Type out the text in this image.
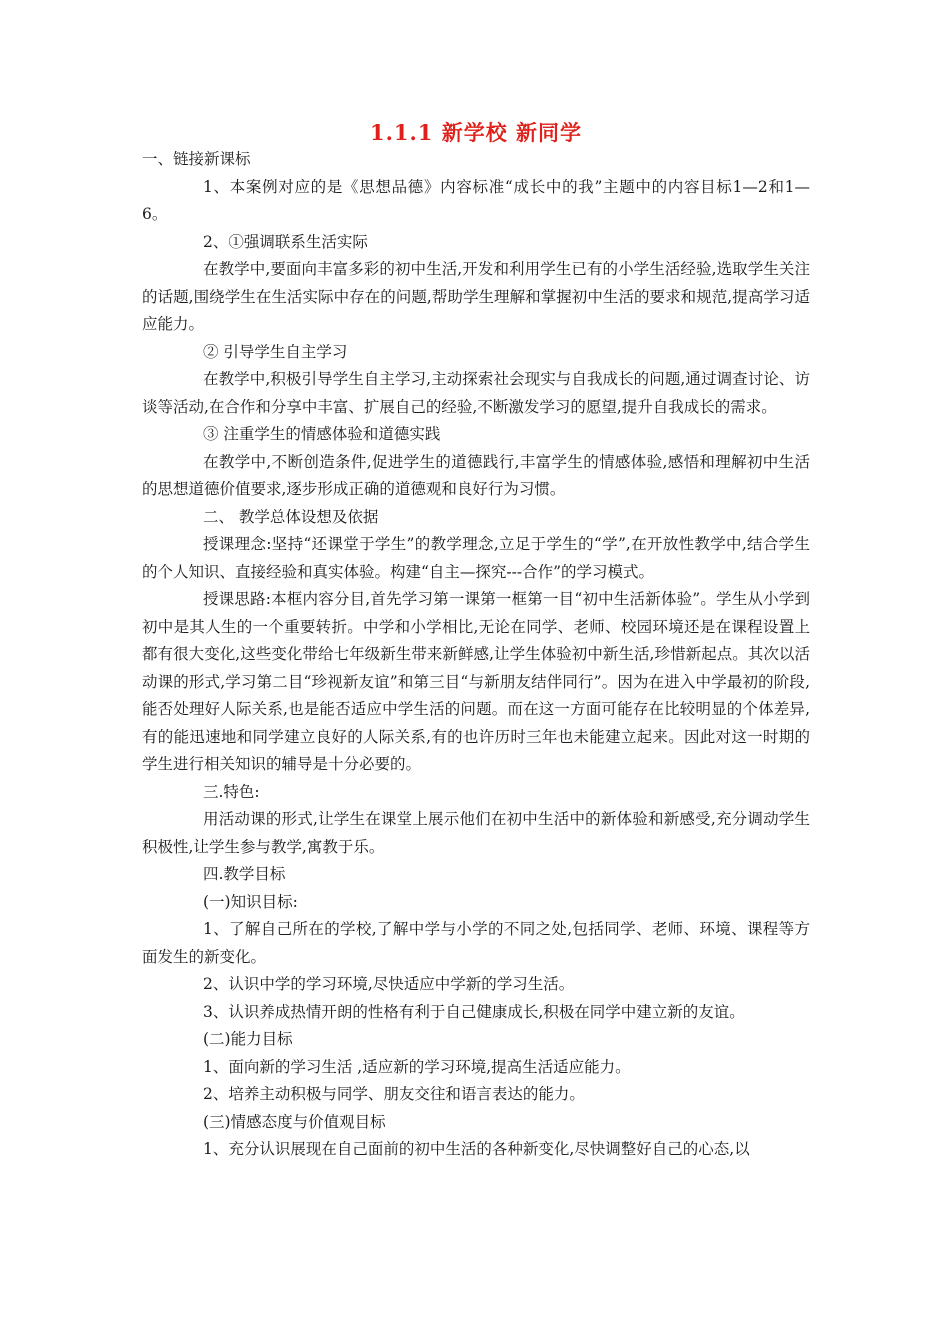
1.1.1 新学校 新同学

一、链接新课标

1、本案例对应的是《思想品德》内容标准“成长中的我”主题中的内容目标1—2和1—6。

2、①强调联系生活实际

在教学中,要面向丰富多彩的初中生活,开发和利用学生已有的小学生活经验,选取学生关注的话题,围绕学生在生活实际中存在的问题,帮助学生理解和掌握初中生活的要求和规范,提高学习适应能力。

② 引导学生自主学习

在教学中,积极引导学生自主学习,主动探索社会现实与自我成长的问题,通过调查讨论、访谈等活动,在合作和分享中丰富、扩展自己的经验,不断激发学习的愿望,提升自我成长的需求。

③ 注重学生的情感体验和道德实践

在教学中,不断创造条件,促进学生的道德践行,丰富学生的情感体验,感悟和理解初中生活的思想道德价值要求,逐步形成正确的道德观和良好行为习惯。

二、 教学总体设想及依据

授课理念:坚持“还课堂于学生”的教学理念,立足于学生的“学”,在开放性教学中,结合学生的个人知识、直接经验和真实体验。构建“自主—探究---合作”的学习模式。

授课思路:本框内容分目,首先学习第一课第一框第一目“初中生活新体验”。学生从小学到初中是其人生的一个重要转折。中学和小学相比,无论在同学、老师、校园环境还是在课程设置上都有很大变化,这些变化带给七年级新生带来新鲜感,让学生体验初中新生活,珍惜新起点。其次以活动课的形式,学习第二目“珍视新友谊”和第三目“与新朋友结伴同行”。因为在进入中学最初的阶段,能否处理好人际关系,也是能否适应中学生活的问题。而在这一方面可能存在比较明显的个体差异,有的能迅速地和同学建立良好的人际关系,有的也许历时三年也未能建立起来。因此对这一时期的学生进行相关知识的辅导是十分必要的。

三.特色:

用活动课的形式,让学生在课堂上展示他们在初中生活中的新体验和新感受,充分调动学生积极性,让学生参与教学,寓教于乐。

四.教学目标

(一)知识目标:

1、了解自己所在的学校,了解中学与小学的不同之处,包括同学、老师、环境、课程等方面发生的新变化。

2、认识中学的学习环境,尽快适应中学新的学习生活。

3、认识养成热情开朗的性格有利于自己健康成长,积极在同学中建立新的友谊。

(二)能力目标

1、面向新的学习生活 ,适应新的学习环境,提高生活适应能力。

2、培养主动积极与同学、朋友交往和语言表达的能力。

(三)情感态度与价值观目标

1、充分认识展现在自己面前的初中生活的各种新变化,尽快调整好自己的心态,以
